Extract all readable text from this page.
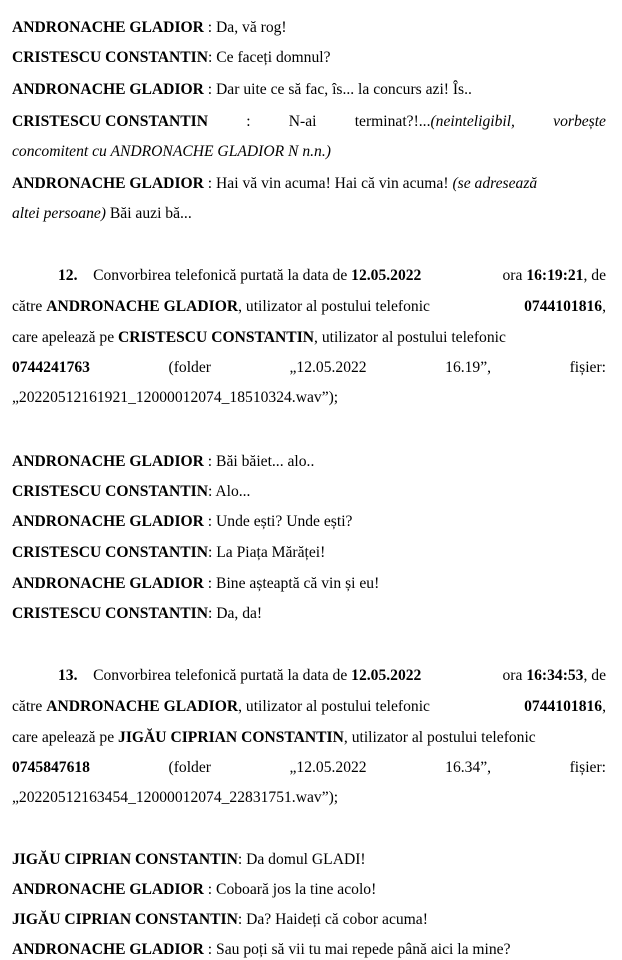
ANDRONACHE GLADIOR : Da, vă rog!
CRISTESCU CONSTANTIN: Ce faceți domnul?
ANDRONACHE GLADIOR : Dar uite ce să fac, îs... la concurs azi! Îs..
CRISTESCU CONSTANTIN : N-ai terminat?!...(neinteligibil, vorbește
concomitent cu ANDRONACHE GLADIOR N n.n.)
ANDRONACHE GLADIOR : Hai vă vin acuma! Hai că vin acuma! (se adresează
altei persoane) Băi auzi bă...
12. Convorbirea telefonică purtată la data de 12.05.2022	ora 16:19:21, de
către ANDRONACHE GLADIOR, utilizator al postului telefonic	0744101816,
care apelează pe CRISTESCU CONSTANTIN, utilizator al postului telefonic
0744241763	(folder	„12.05.2022	16.19”,	fișier:
„20220512161921_12000012074_18510324.wav”);
ANDRONACHE GLADIOR : Băi băiet... alo..
CRISTESCU CONSTANTIN: Alo...
ANDRONACHE GLADIOR : Unde ești? Unde ești?
CRISTESCU CONSTANTIN: La Piața Mărățeі!
ANDRONACHE GLADIOR : Bine așteaptă că vin și eu!
CRISTESCU CONSTANTIN: Da, da!
13. Convorbirea telefonică purtată la data de 12.05.2022	ora 16:34:53, de
către ANDRONACHE GLADIOR, utilizator al postului telefonic	0744101816,
care apelează pe JIGĂU CIPRIAN CONSTANTIN, utilizator al postului telefonic
0745847618	(folder	„12.05.2022	16.34”,	fișier:
„20220512163454_12000012074_22831751.wav”);
JIGĂU CIPRIAN CONSTANTIN: Da domul GLADI!
ANDRONACHE GLADIOR : Coboară jos la tine acolo!
JIGĂU CIPRIAN CONSTANTIN: Da? Haideți că cobor acuma!
ANDRONACHE GLADIOR : Sau poți să vii tu mai repede până aici la mine?
